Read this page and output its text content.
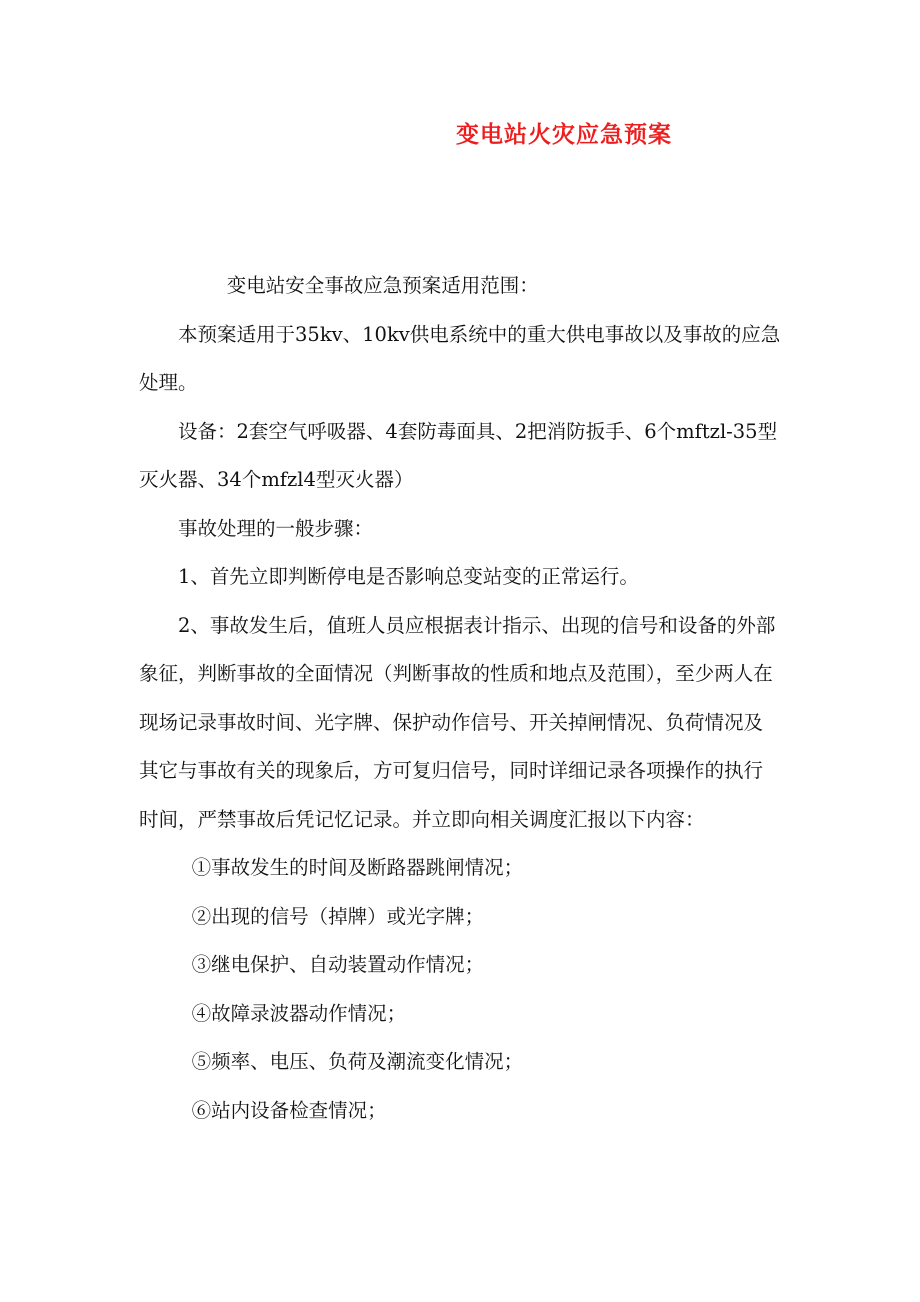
变电站火灾应急预案

变电站安全事故应急预案适用范围：

本预案适用于35kv、10kv供电系统中的重大供电事故以及事故的应急处理。

设备：2套空气呼吸器、4套防毒面具、2把消防扳手、6个mftzl-35型灭火器、34个mfzl4型灭火器）

事故处理的一般步骤：

1、首先立即判断停电是否影响总变站变的正常运行。

2、事故发生后，值班人员应根据表计指示、出现的信号和设备的外部象征，判断事故的全面情况（判断事故的性质和地点及范围），至少两人在现场记录事故时间、光字牌、保护动作信号、开关掉闸情况、负荷情况及其它与事故有关的现象后，方可复归信号，同时详细记录各项操作的执行时间，严禁事故后凭记忆记录。并立即向相关调度汇报以下内容：

①事故发生的时间及断路器跳闸情况；

②出现的信号（掉牌）或光字牌；

③继电保护、自动装置动作情况；

④故障录波器动作情况；

⑤频率、电压、负荷及潮流变化情况；

⑥站内设备检查情况；
